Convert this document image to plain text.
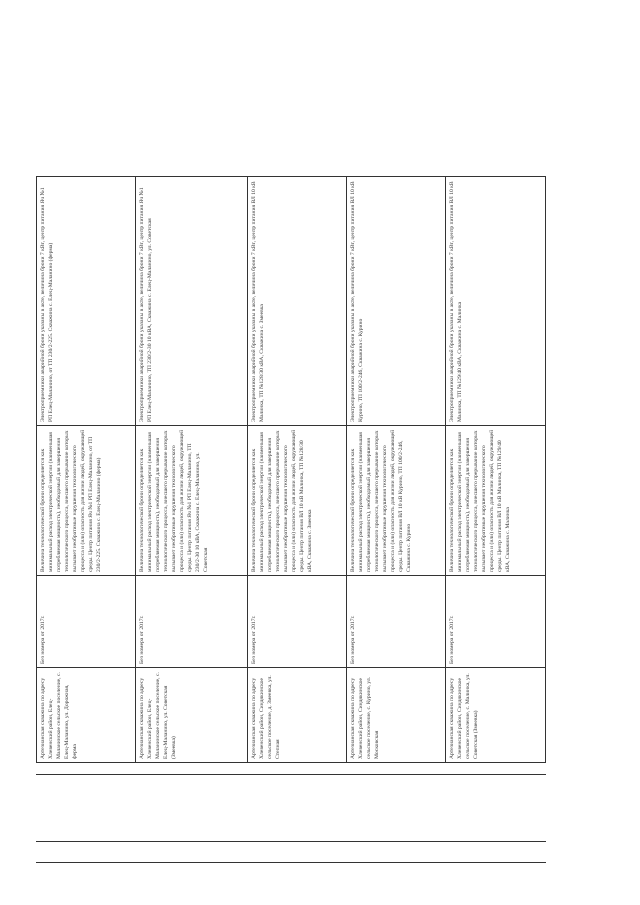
Артезианская скважина по адресу Хлевенский район, Елец-Маланинское сельское поселение, с. Елец-Маланино, ул. Дорожная, ферма	Без номера от 2017г.	Величина технологической брони определяется как минимальный расход электрической энергии (наименьшая потребляемая мощность), необходимый для завершения технологического процесса, внесшего прерывание которых вызывает необратимые нарушения технологического процесса и (или) опасность для жизни людей, окружающей среды. Центр питания Яч №1 РП Елец-Маланино, от ТП 230/2-225. Скважина с. Елец-Маланино (ферма)	Электроприемники аварийной брони указаны в акте, величина брони 7 кВт, центр питания Яч №1 РП Елец-Маланино, от ТП 230/2-225. Скважина с. Елец-Маланино (ферма)
Артезианская скважина по адресу Хлевенский район, Елец-Маланинское сельское поселение, с. Елец-Маланино, ул. Советская (Змеевка)	Без номера от 2017г.	Величина технологической брони определяется как минимальный расход электрической энергии (наименьшая потребляемая мощность), необходимый для завершения технологического процесса, внесшего прерывание которых вызывает необратимые нарушения технологического процесса и (или) опасность для жизни людей, окружающей среды. Центр питания Яч №1 РП Елец-Маланино, ТП 230/2-30 10 кВА, Скважина с. Елец-Маланино, ул. Советская	Электроприемники аварийной брони указаны в акте, величина брони 7 кВт, центр питания Яч №1 РП Елец-Маланино, ТП 230/2-30 10 кВА, Скважина с. Елец-Маланино, ул. Советская
Артезианская скважина по адресу Хлевенский район, Синдякинское сельское поселение, д. Змеевка, ул. Степная	Без номера от 2017г.	Величина технологической брони определяется как минимальный расход электрической энергии (наименьшая потребляемая мощность), необходимый для завершения технологического процесса, внесшего прерывание которых вызывает необратимые нарушения технологического процесса и (или) опасность для жизни людей, окружающей среды. Центр питания ВЛ 10 кВ Малинка, ТП №128/30 кВА, Скважина с. Змеевка	Электроприемники аварийной брони указаны в акте, величина брони 7 кВт, центр питания ВЛ 10 кВ Малинка, ТП №128/30 кВА, Скважина с. Змеевка
Артезианская скважина по адресу Хлевенский район, Синдякинское сельское поселение, с. Курино, ул. Московская	Без номера от 2017г.	Величина технологической брони определяется как минимальный расход электрической энергии (наименьшая потребляемая мощность), необходимый для завершения технологического процесса, внесшего прерывание которых вызывает необратимые нарушения технологического процесса и (или) опасность для жизни людей, окружающей среды. Центр питания ВЛ 10 кВ Курино, ТП 100/2-246, Скважина с. Курино	Электроприемники аварийной брони указаны в акте, величина брони 7 кВт, центр питания ВЛ 10 кВ Курино, ТП 100/2-246, Скважина с. Курино
Артезианская скважина по адресу Хлевенский район, Синдякинское сельское поселение, с. Малинка, ул. Советская (Змеевка)	Без номера от 2017г.	Величина технологической брони определяется как минимальный расход электрической энергии (наименьшая потребляемая мощность), необходимый для завершения технологического процесса, внесшего прерывание которых вызывает необратимые нарушения технологического процесса и (или) опасность для жизни людей, окружающей среды. Центр питания ВЛ 10 кВ Малинка, ТП №129/40 кВА, Скважина с. Малинка	Электроприемники аварийной брони указаны в акте, величина брони 7 кВт, центр питания ВЛ 10 кВ Малинка, ТП №129/40 кВА, Скважина с. Малинка
